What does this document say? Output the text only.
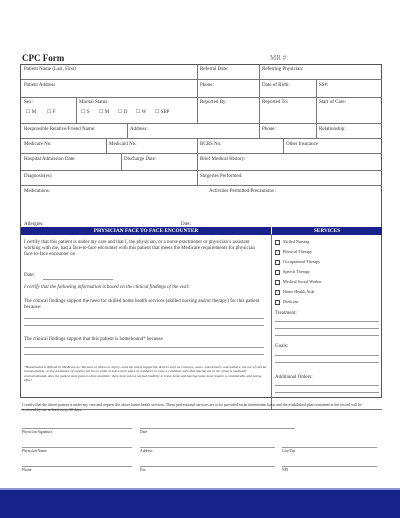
CPC Form	MR #:
Patient Name (Last, First)	Referral Date:	Referring Physician:
Patient Address	Phone:	Date of Birth:	SS#:
Sex:
☐ M ☐ F
Marital Status:
☐ S ☐ M ☐ D ☐ W ☐ SEP
Reported By:	Reported To:	Start of Care:
Responsible Relative/Friend Name:	Address:	Phone:	Relationship:
Medicare No:	Medicaid No:	BCBS No.	Other Insurance
Hospital Admission Date:	Discharge Date:	Brief Medical History:
Diagnosis(es)	Surgeries Performed:
Medications:	Activities Permitted/Precautions :
Allergies:	Diet:
PHYSICIAN FACE TO FACE ENCOUNTER	SERVICES
I certify that this patient is under my care and that I, the physician, or a nurse practitioner or physician’s assistant working with me, had a face-to-face encounter with this patient that meets the Medicare requirements for physician face-to-face encounter on
Date:
I certify that the following information is based on the clinical findings of the visit:
The clinical findings support the need for skilled home health services (skilled nursing and/or therapy) for this patient because:
The clinical findings support that this patient is homebound* because
*Homebound is defined by Medicare as: Because of illness or injury, need the aid of supportive devices such as crutches, canes, wheelchairs, and walkers; the use of special transportation; or the assistance of another person in order to leave their place of residence or have a condition such that leaving his or her home is medically contraindicated. Also the patient must possess these qualities: there must exist a normal inability to leave home and leaving home must require a considerable and taxing effort.
Skilled Nursing
Physical Therapy
Occupational Therapy
Speech Therapy
Medical Social Worker
Home Health Aide
Dietician
Treatment:
Goals:
Additional Orders:
I certify that the above patient is under my care and request the above home health services. These professional services are to be provided on an intermittent basis and the established plan contained in the record will be reviewed by me at least every 60 days.
Physician Signature	Date
Physician Name	Address	City/Zip
Phone	Fax	NPI
